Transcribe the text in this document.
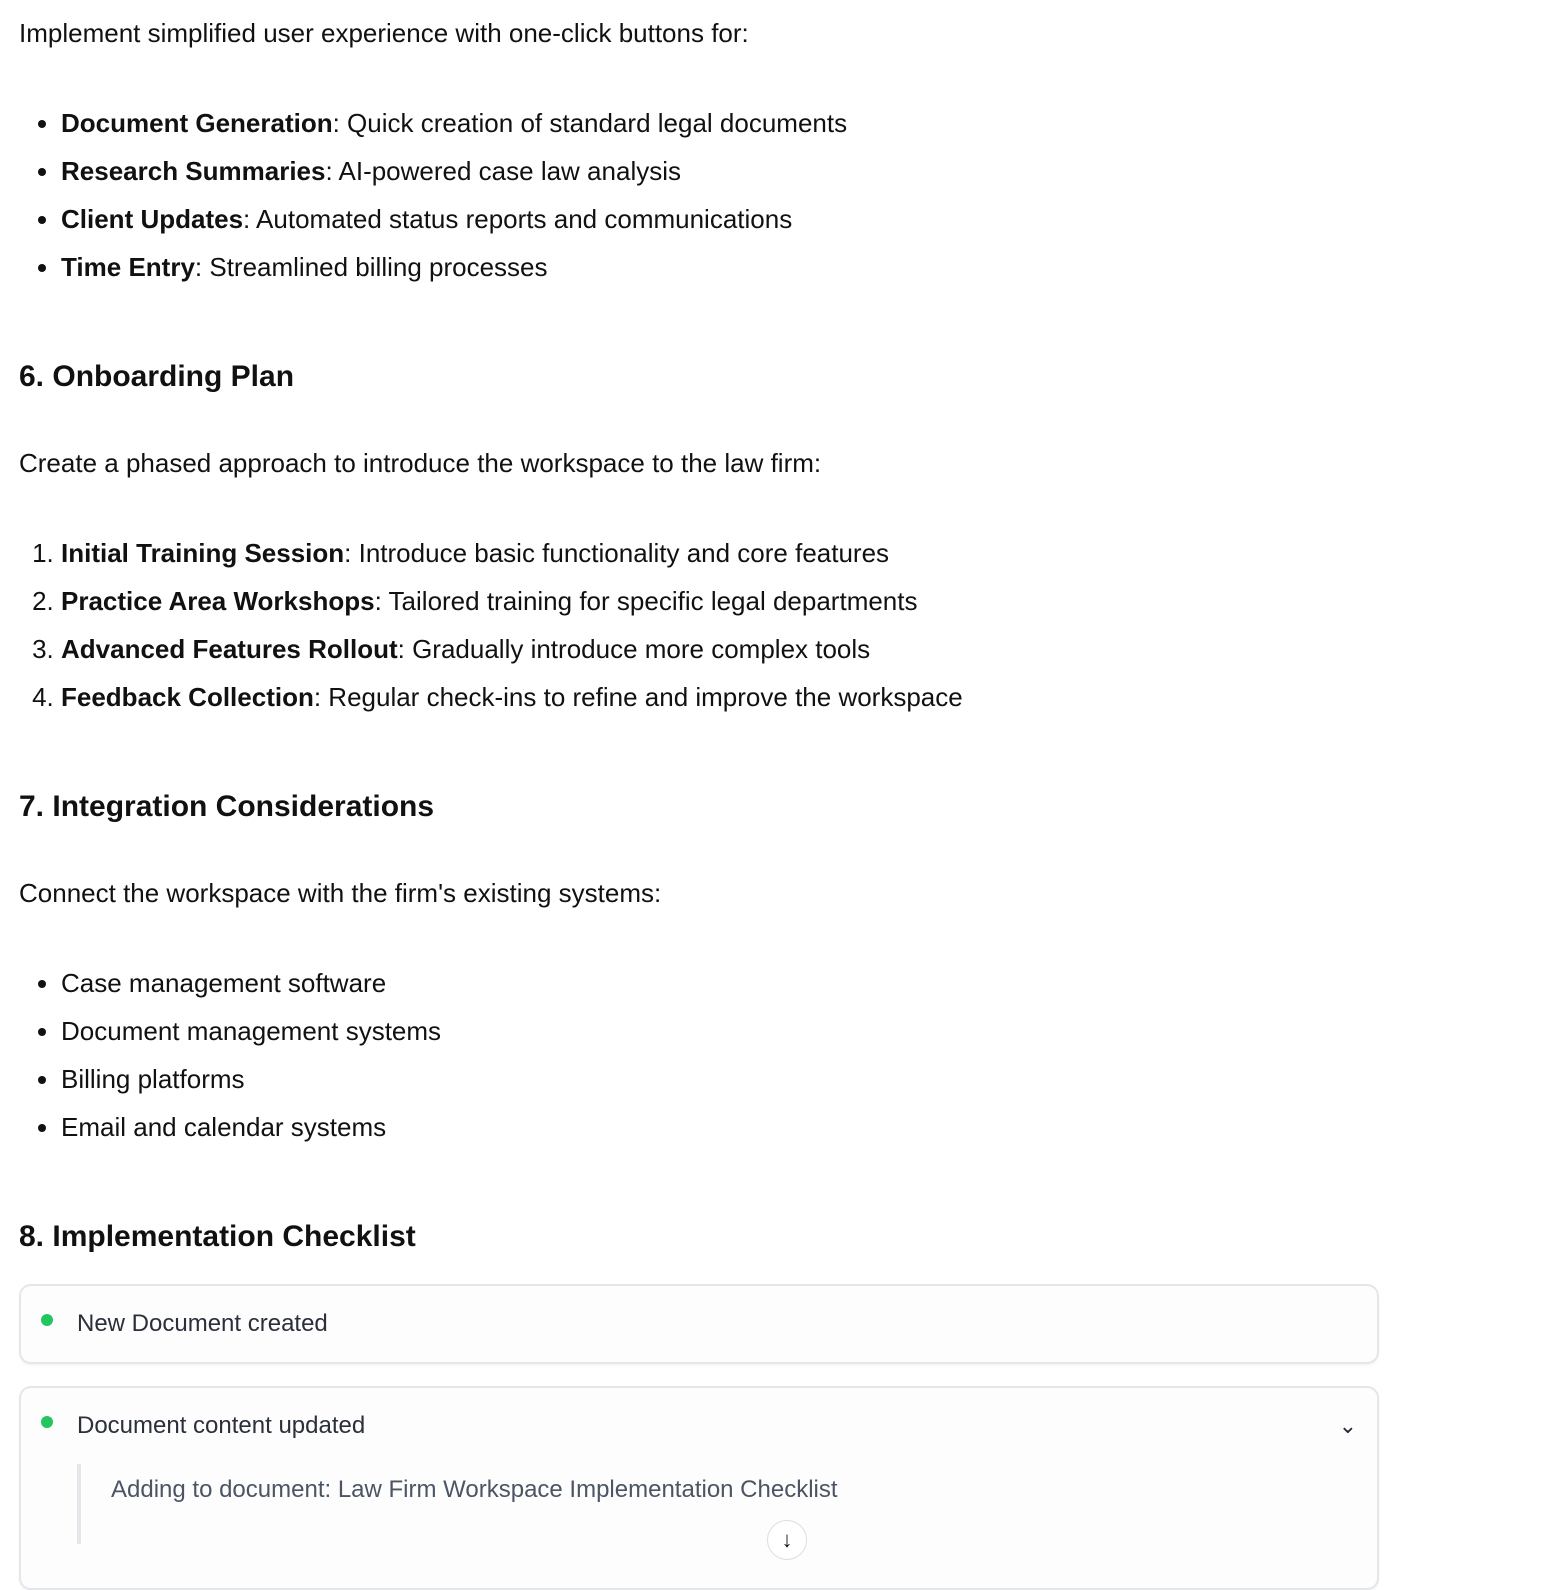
Implement simplified user experience with one-click buttons for:

• Document Generation: Quick creation of standard legal documents
• Research Summaries: AI-powered case law analysis
• Client Updates: Automated status reports and communications
• Time Entry: Streamlined billing processes
6. Onboarding Plan

Create a phased approach to introduce the workspace to the law firm:

1. Initial Training Session: Introduce basic functionality and core features
2. Practice Area Workshops: Tailored training for specific legal departments
3. Advanced Features Rollout: Gradually introduce more complex tools
4. Feedback Collection: Regular check-ins to refine and improve the workspace
7. Integration Considerations

Connect the workspace with the firm's existing systems:

• Case management software
• Document management systems
• Billing platforms
• Email and calendar systems
8. Implementation Checklist
New Document created
Document content updated	⌄
Adding to document: Law Firm Workspace Implementation Checklist
↓
